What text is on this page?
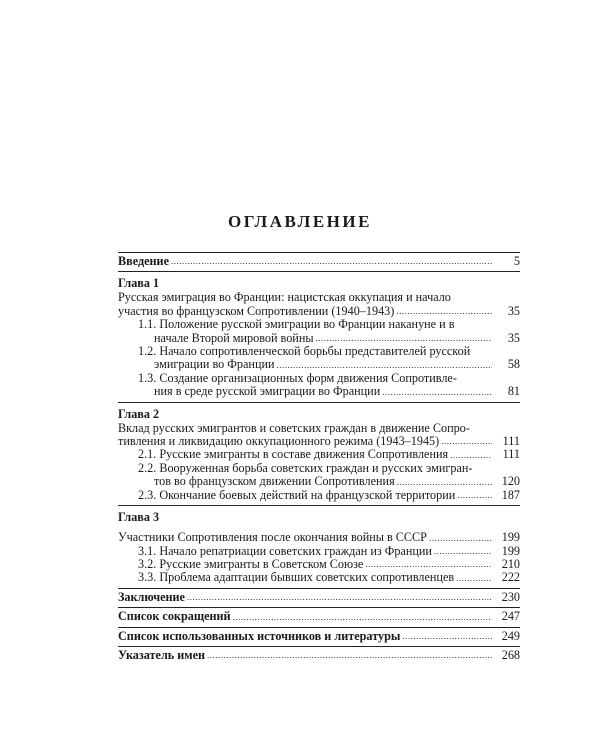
ОГЛАВЛЕНИЕ
Введение .....	5
Глава 1
Русская эмиграция во Франции: нацистская оккупация и начало
участия во французском Сопротивлении (1940–1943) .....	35
1.1. Положение русской эмиграции во Франции накануне и в
начале Второй мировой войны .....	35
1.2. Начало сопротивленческой борьбы представителей русской
эмиграции во Франции .....	58
1.3. Создание организационных форм движения Сопротивле-
ния в среде русской эмиграции во Франции .....	81
Глава 2
Вклад русских эмигрантов и советских граждан в движение Сопро-
тивления и ликвидацию оккупационного режима (1943–1945) .....	111
2.1. Русские эмигранты в составе движения Сопротивления .....	111
2.2. Вооруженная борьба советских граждан и русских эмигран-
тов во французском движении Сопротивления .....	120
2.3. Окончание боевых действий на французской территории .....	187
Глава 3
Участники Сопротивления после окончания войны в СССР .....	199
3.1. Начало репатриации советских граждан из Франции .....	199
3.2. Русские эмигранты в Советском Союзе .....	210
3.3. Проблема адаптации бывших советских сопротивленцев .....	222
Заключение .....	230
Список сокращений .....	247
Список использованных источников и литературы .....	249
Указатель имен .....	268
